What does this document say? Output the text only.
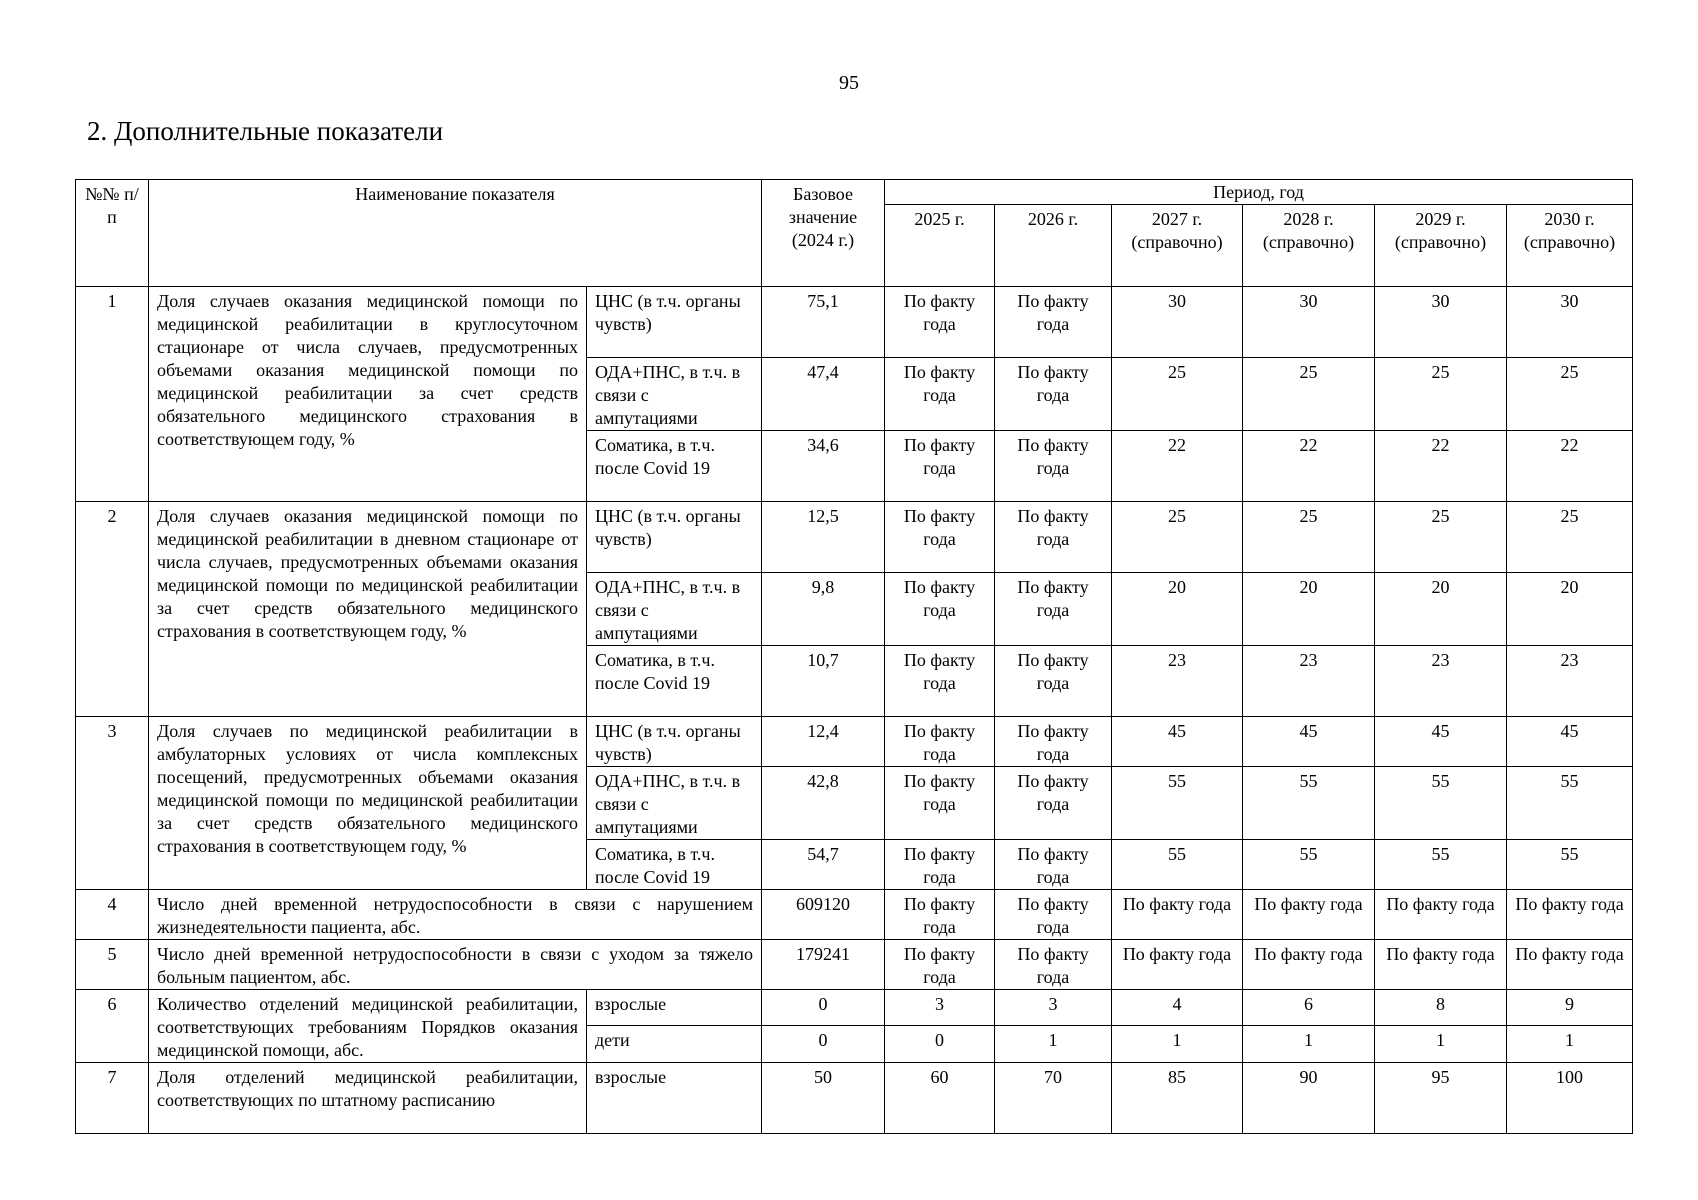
95
2. Дополнительные показатели
№№ п/п	Наименование показателя		Базовое значение (2024 г.)	Период, год					
				2025 г.	2026 г.	2027 г. (справочно)	2028 г. (справочно)	2029 г. (справочно)	2030 г. (справочно)
1	Доля случаев оказания медицинской помощи по медицинской реабилитации в круглосуточном стационаре от числа случаев, предусмотренных объемами оказания медицинской помощи по медицинской реабилитации за счет средств обязательного медицинского страхования в соответствующем году, %	ЦНС (в т.ч. органы чувств)	75,1	По факту года	По факту года	30	30	30	30
		ОДА+ПНС, в т.ч. в связи с ампутациями	47,4	По факту года	По факту года	25	25	25	25
		Соматика, в т.ч. после Covid 19	34,6	По факту года	По факту года	22	22	22	22
2	Доля случаев оказания медицинской помощи по медицинской реабилитации в дневном стационаре от числа случаев, предусмотренных объемами оказания медицинской помощи по медицинской реабилитации за счет средств обязательного медицинского страхования в соответствующем году, %	ЦНС (в т.ч. органы чувств)	12,5	По факту года	По факту года	25	25	25	25
		ОДА+ПНС, в т.ч. в связи с ампутациями	9,8	По факту года	По факту года	20	20	20	20
		Соматика, в т.ч. после Covid 19	10,7	По факту года	По факту года	23	23	23	23
3	Доля случаев по медицинской реабилитации в амбулаторных условиях от числа комплексных посещений, предусмотренных объемами оказания медицинской помощи по медицинской реабилитации за счет средств обязательного медицинского страхования в соответствующем году, %	ЦНС (в т.ч. органы чувств)	12,4	По факту года	По факту года	45	45	45	45
		ОДА+ПНС, в т.ч. в связи с ампутациями	42,8	По факту года	По факту года	55	55	55	55
		Соматика, в т.ч. после Covid 19	54,7	По факту года	По факту года	55	55	55	55
4	Число дней временной нетрудоспособности в связи с нарушением жизнедеятельности пациента, абс.		609120	По факту года	По факту года	По факту года	По факту года	По факту года	По факту года
5	Число дней временной нетрудоспособности в связи с уходом за тяжело больным пациентом, абс.		179241	По факту года	По факту года	По факту года	По факту года	По факту года	По факту года
6	Количество отделений медицинской реабилитации, соответствующих требованиям Порядков оказания медицинской помощи, абс.	взрослые	0	3	3	4	6	8	9
		дети	0	0	1	1	1	1	1
7	Доля отделений медицинской реабилитации, соответствующих по штатному расписанию	взрослые	50	60	70	85	90	95	100
